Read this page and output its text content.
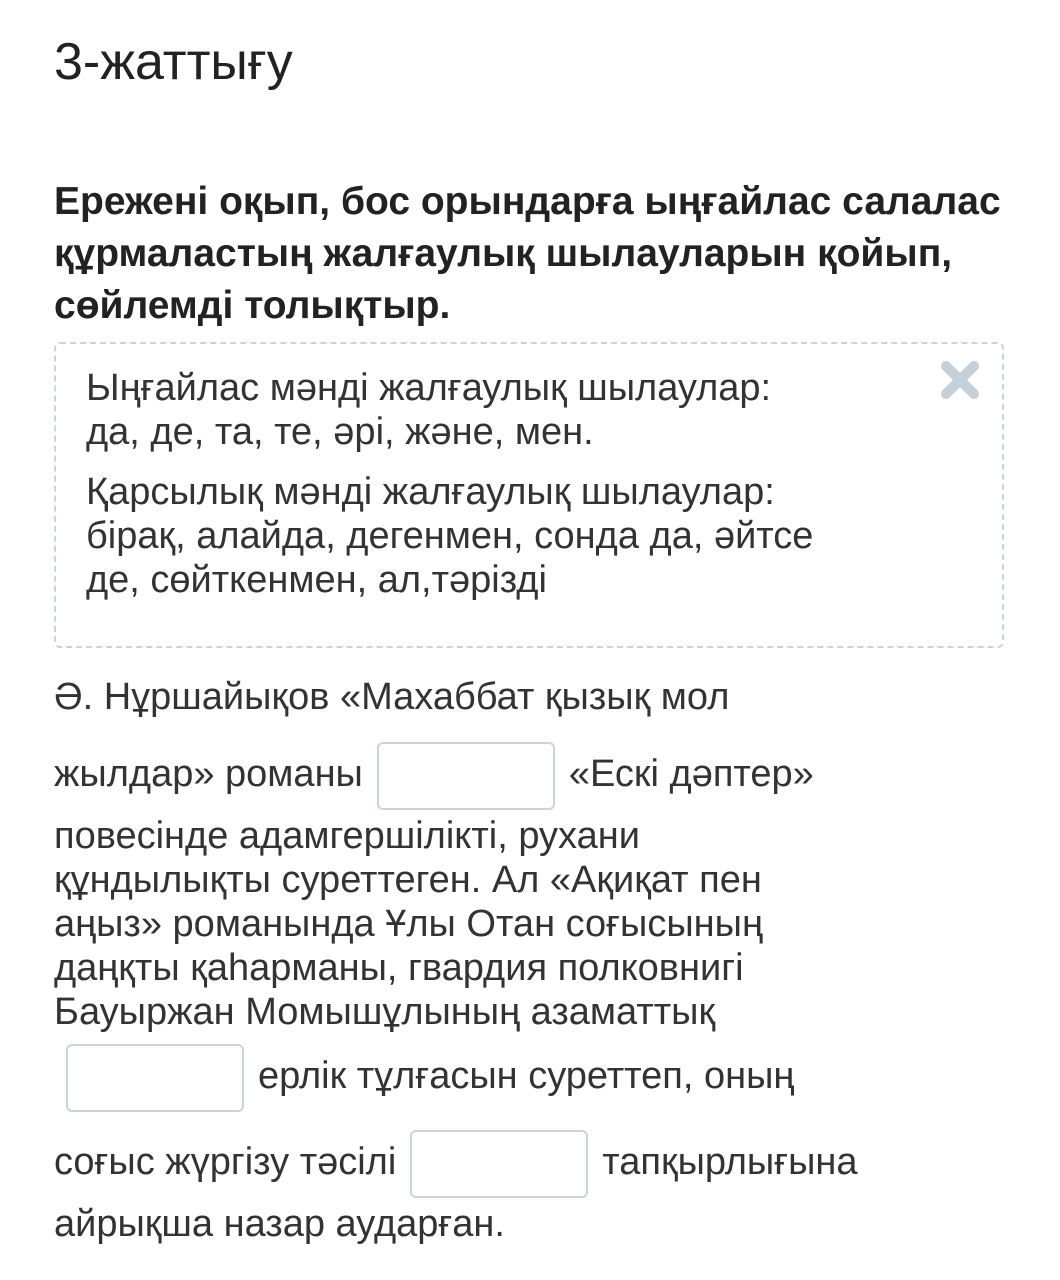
3-жаттығу

Ережені оқып, бос орындарға ыңғайлас салалас құрмаластың жалғаулық шылауларын қойып, сөйлемді толықтыр.

Ыңғайлас мәнді жалғаулық шылаулар:
да, де, та, те, әрі, және, мен.

Қарсылық мәнді жалғаулық шылаулар:
бірақ, алайда, дегенмен, сонда да, әйтсе
де, сөйткенмен, ал,тәрізді

Ә. Нұршайықов «Махаббат қызық мол
жылдар» романы	«Ескі дәптер»
повесінде адамгершілікті, рухани
құндылықты суреттеген. Ал «Ақиқат пен
аңыз» романында Ұлы Отан соғысының
даңқты қаһарманы, гвардия полковнигі
Бауыржан Момышұлының азаматтық
ерлік тұлғасын суреттеп, оның
соғыс жүргізу тәсілі	тапқырлығына
айрықша назар аударған.
